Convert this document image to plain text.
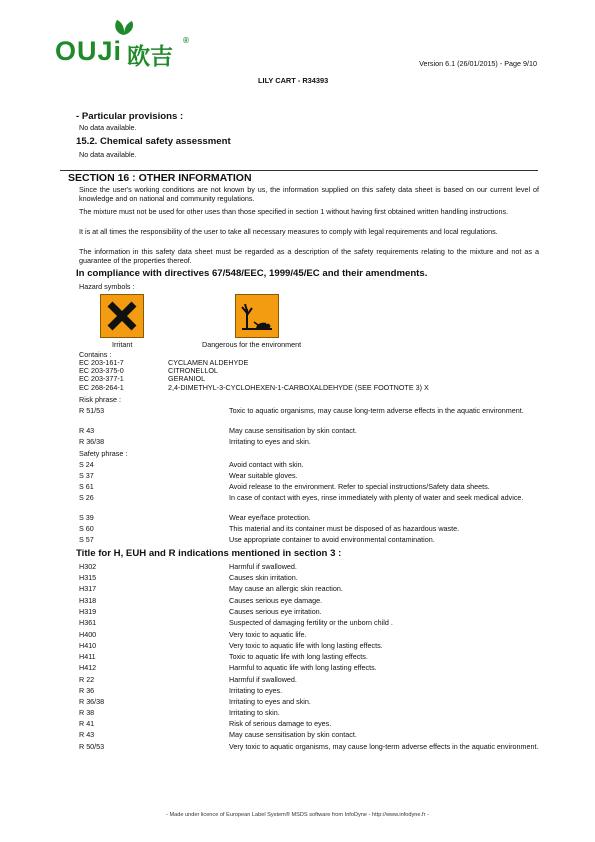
OUJi 欧吉
®
Version 6.1 (26/01/2015) - Page 9/10
LILY CART - R34393
- Particular provisions :
No data available.
15.2. Chemical safety assessment
No data available.
SECTION 16 : OTHER INFORMATION
Since the user's working conditions are not known by us, the information supplied on this safety data sheet is based on our current level of knowledge and on national and community regulations.
The mixture must not be used for other uses than those specified in section 1 without having first obtained written handling instructions.
It is at all times the responsibility of the user to take all necessary measures to comply with legal requirements and local regulations.
The information in this safety data sheet must be regarded as a description of the safety requirements relating to the mixture and not as a guarantee of the properties thereof.
In compliance with directives 67/548/EEC, 1999/45/EC and their amendments.
Hazard symbols :
Irritant	Dangerous for the environment
Contains :
EC 203-161-7	CYCLAMEN ALDEHYDE
EC 203-375-0	CITRONELLOL
EC 203-377-1	GERANIOL
EC 268-264-1	2,4-DIMETHYL-3-CYCLOHEXEN-1-CARBOXALDEHYDE (SEE FOOTNOTE 3) X
Risk phrase :
R 51/53	Toxic to aquatic organisms, may cause long-term adverse effects in the aquatic environment.
R 43	May cause sensitisation by skin contact.
R 36/38	Irritating to eyes and skin.
Safety phrase :
S 24	Avoid contact with skin.
S 37	Wear suitable gloves.
S 61	Avoid release to the environment. Refer to special instructions/Safety data sheets.
S 26	In case of contact with eyes, rinse immediately with plenty of water and seek medical advice.
S 39	Wear eye/face protection.
S 60	This material and its container must be disposed of as hazardous waste.
S 57	Use appropriate container to avoid environmental contamination.
Title for H, EUH and R indications mentioned in section 3 :
H302	Harmful if swallowed.
H315	Causes skin irritation.
H317	May cause an allergic skin reaction.
H318	Causes serious eye damage.
H319	Causes serious eye irritation.
H361	Suspected of damaging fertility or the unborn child .
H400	Very toxic to aquatic life.
H410	Very toxic to aquatic life with long lasting effects.
H411	Toxic to aquatic life with long lasting effects.
H412	Harmful to aquatic life with long lasting effects.
R 22	Harmful if swallowed.
R 36	Irritating to eyes.
R 36/38	Irritating to eyes and skin.
R 38	Irritating to skin.
R 41	Risk of serious damage to eyes.
R 43	May cause sensitisation by skin contact.
R 50/53	Very toxic to aquatic organisms, may cause long-term adverse effects in the aquatic environment.
- Made under licence of European Label System® MSDS software from InfoDyne - http://www.infodyne.fr -
